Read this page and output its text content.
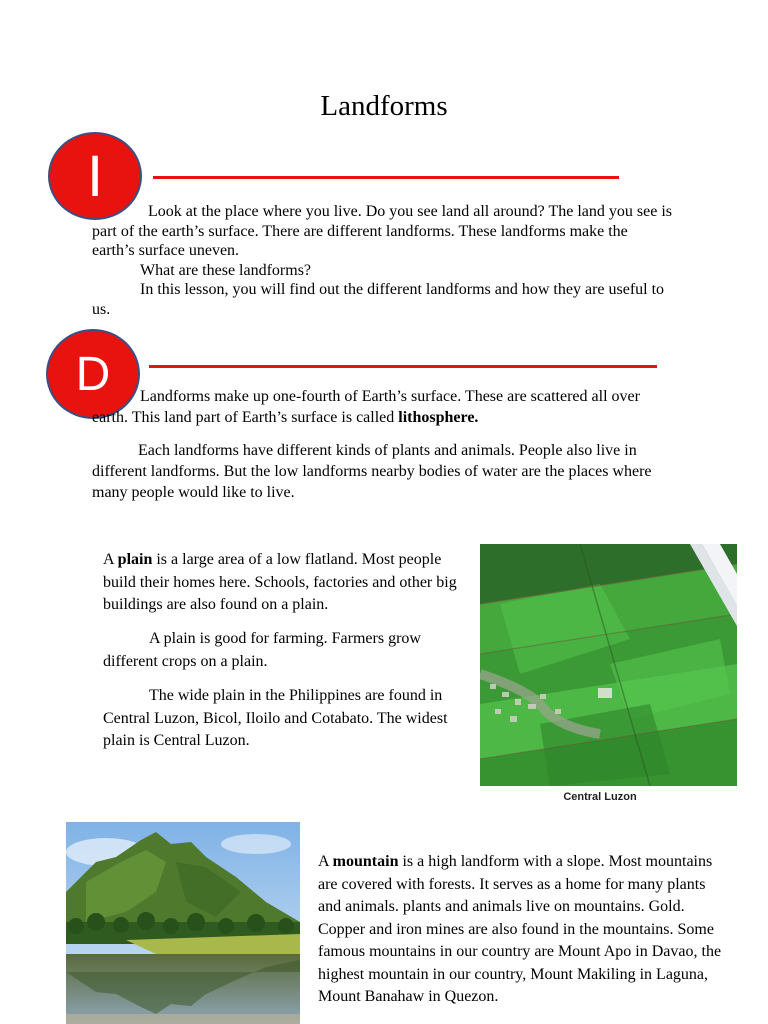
Landforms
I

Look at the place where you live. Do you see land all around? The land you see is part of the earth’s surface. There are different landforms. These landforms make the earth’s surface uneven.

What are these landforms?

In this lesson, you will find out the different landforms and how they are useful to us.

D	Landforms make up one-fourth of Earth’s surface. These are scattered all over earth. This land part of Earth’s surface is called lithosphere.

Each landforms have different kinds of plants and animals. People also live in different landforms. But the low landforms nearby bodies of water are the places where many people would like to live.

A plain is a large area of a low flatland. Most people build their homes here. Schools, factories and other big buildings are also found on a plain.

A plain is good for farming. Farmers grow different crops on a plain.

The wide plain in the Philippines are found in Central Luzon, Bicol, Iloilo and Cotabato. The widest plain is Central Luzon.

Central Luzon

A mountain is a high landform with a slope. Most mountains are covered with forests. It serves as a home for many plants and animals. plants and animals live on mountains. Gold. Copper and iron mines are also found in the mountains. Some famous mountains in our country are Mount Apo in Davao, the highest mountain in our country, Mount Makiling in Laguna, Mount Banahaw in Quezon.
